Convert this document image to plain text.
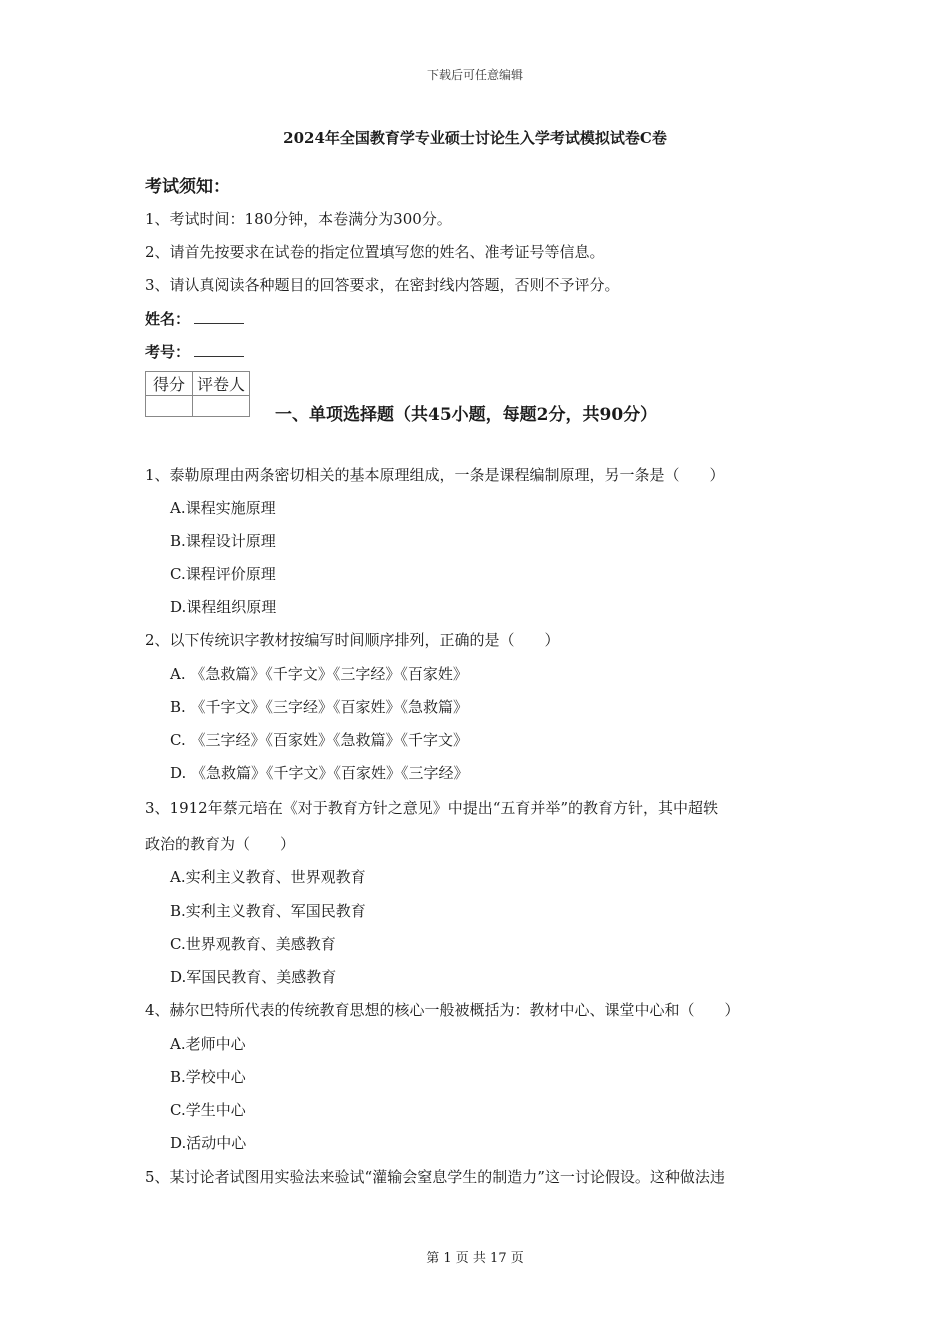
下载后可任意编辑
2024年全国教育学专业硕士讨论生入学考试模拟试卷C卷
考试须知：
1、考试时间：180分钟，本卷满分为300分。
2、请首先按要求在试卷的指定位置填写您的姓名、准考证号等信息。
3、请认真阅读各种题目的回答要求，在密封线内答题，否则不予评分。
姓名：
考号：
得分	评卷人

一、单项选择题（共45小题，每题2分，共90分）
1、泰勒原理由两条密切相关的基本原理组成，一条是课程编制原理，另一条是（　　）
A.课程实施原理
B.课程设计原理
C.课程评价原理
D.课程组织原理
2、以下传统识字教材按编写时间顺序排列，正确的是（　　）
A. 《急救篇》《千字文》《三字经》《百家姓》
B. 《千字文》《三字经》《百家姓》《急救篇》
C. 《三字经》《百家姓》《急救篇》《千字文》
D. 《急救篇》《千字文》《百家姓》《三字经》
3、1912年蔡元培在《对于教育方针之意见》中提出“五育并举”的教育方针，其中超轶
政治的教育为（　　）
A.实利主义教育、世界观教育
B.实利主义教育、军国民教育
C.世界观教育、美感教育
D.军国民教育、美感教育
4、赫尔巴特所代表的传统教育思想的核心一般被概括为：教材中心、课堂中心和（　　）
A.老师中心
B.学校中心
C.学生中心
D.活动中心
5、某讨论者试图用实验法来验试“灌输会窒息学生的制造力”这一讨论假设。这种做法违
第 1 页 共 17 页
